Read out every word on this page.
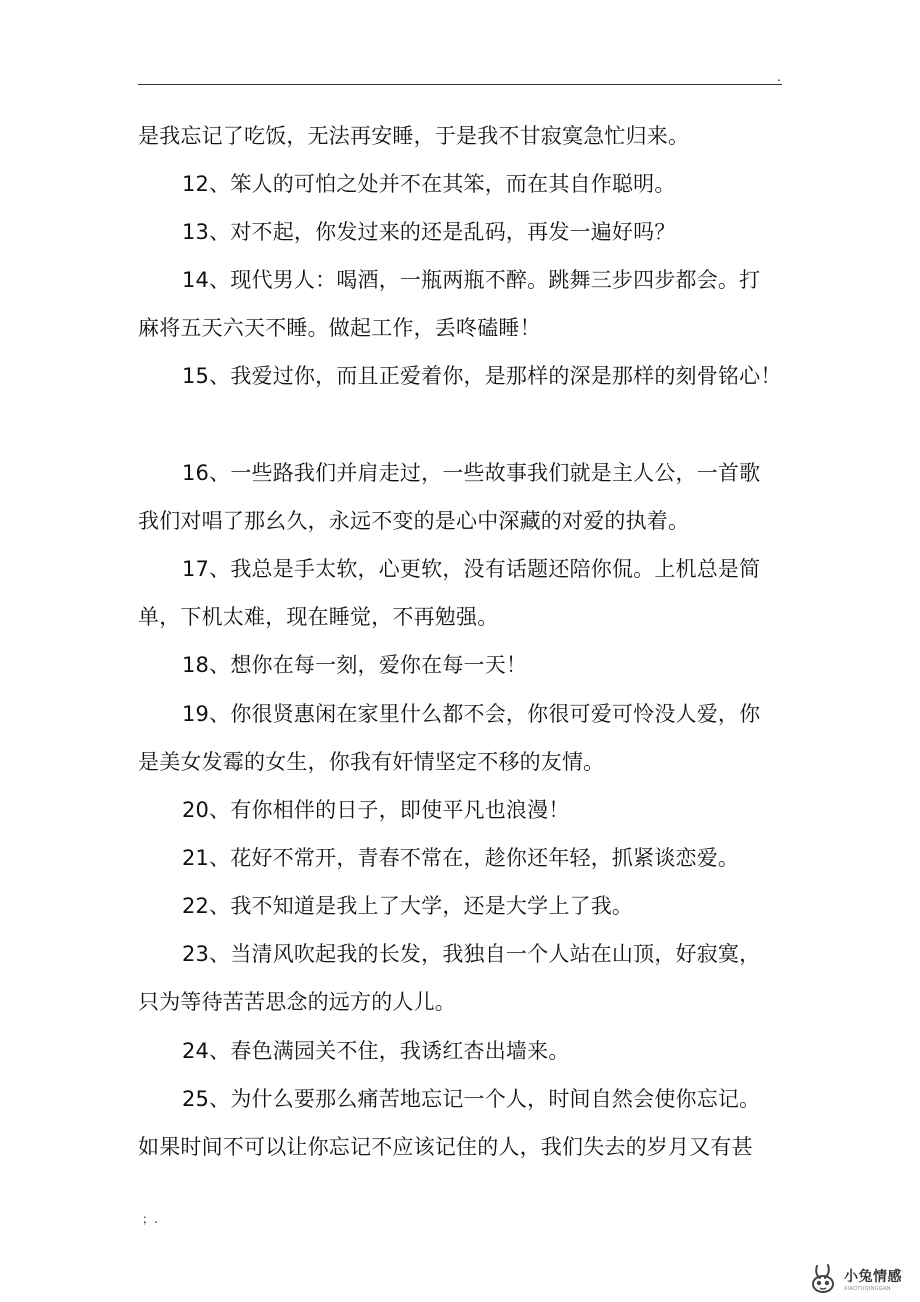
.
是我忘记了吃饭，无法再安睡，于是我不甘寂寞急忙归来。
12、笨人的可怕之处并不在其笨，而在其自作聪明。
13、对不起，你发过来的还是乱码，再发一遍好吗？
14、现代男人：喝酒，一瓶两瓶不醉。跳舞三步四步都会。打
麻将五天六天不睡。做起工作，丢咚磕睡！
15、我爱过你，而且正爱着你，是那样的深是那样的刻骨铭心！
16、一些路我们并肩走过，一些故事我们就是主人公，一首歌
我们对唱了那幺久，永远不变的是心中深藏的对爱的执着。
17、我总是手太软，心更软，没有话题还陪你侃。上机总是简
单，下机太难，现在睡觉，不再勉强。
18、想你在每一刻，爱你在每一天！
19、你很贤惠闲在家里什么都不会，你很可爱可怜没人爱，你
是美女发霉的女生，你我有奸情坚定不移的友情。
20、有你相伴的日子，即使平凡也浪漫！
21、花好不常开，青春不常在，趁你还年轻，抓紧谈恋爱。
22、我不知道是我上了大学，还是大学上了我。
23、当清风吹起我的长发，我独自一个人站在山顶，好寂寞，
只为等待苦苦思念的远方的人儿。
24、春色满园关不住，我诱红杏出墙来。
25、为什么要那么痛苦地忘记一个人，时间自然会使你忘记。
如果时间不可以让你忘记不应该记住的人，我们失去的岁月又有甚
；.
小兔情感
XIAOTUQINGGAN
